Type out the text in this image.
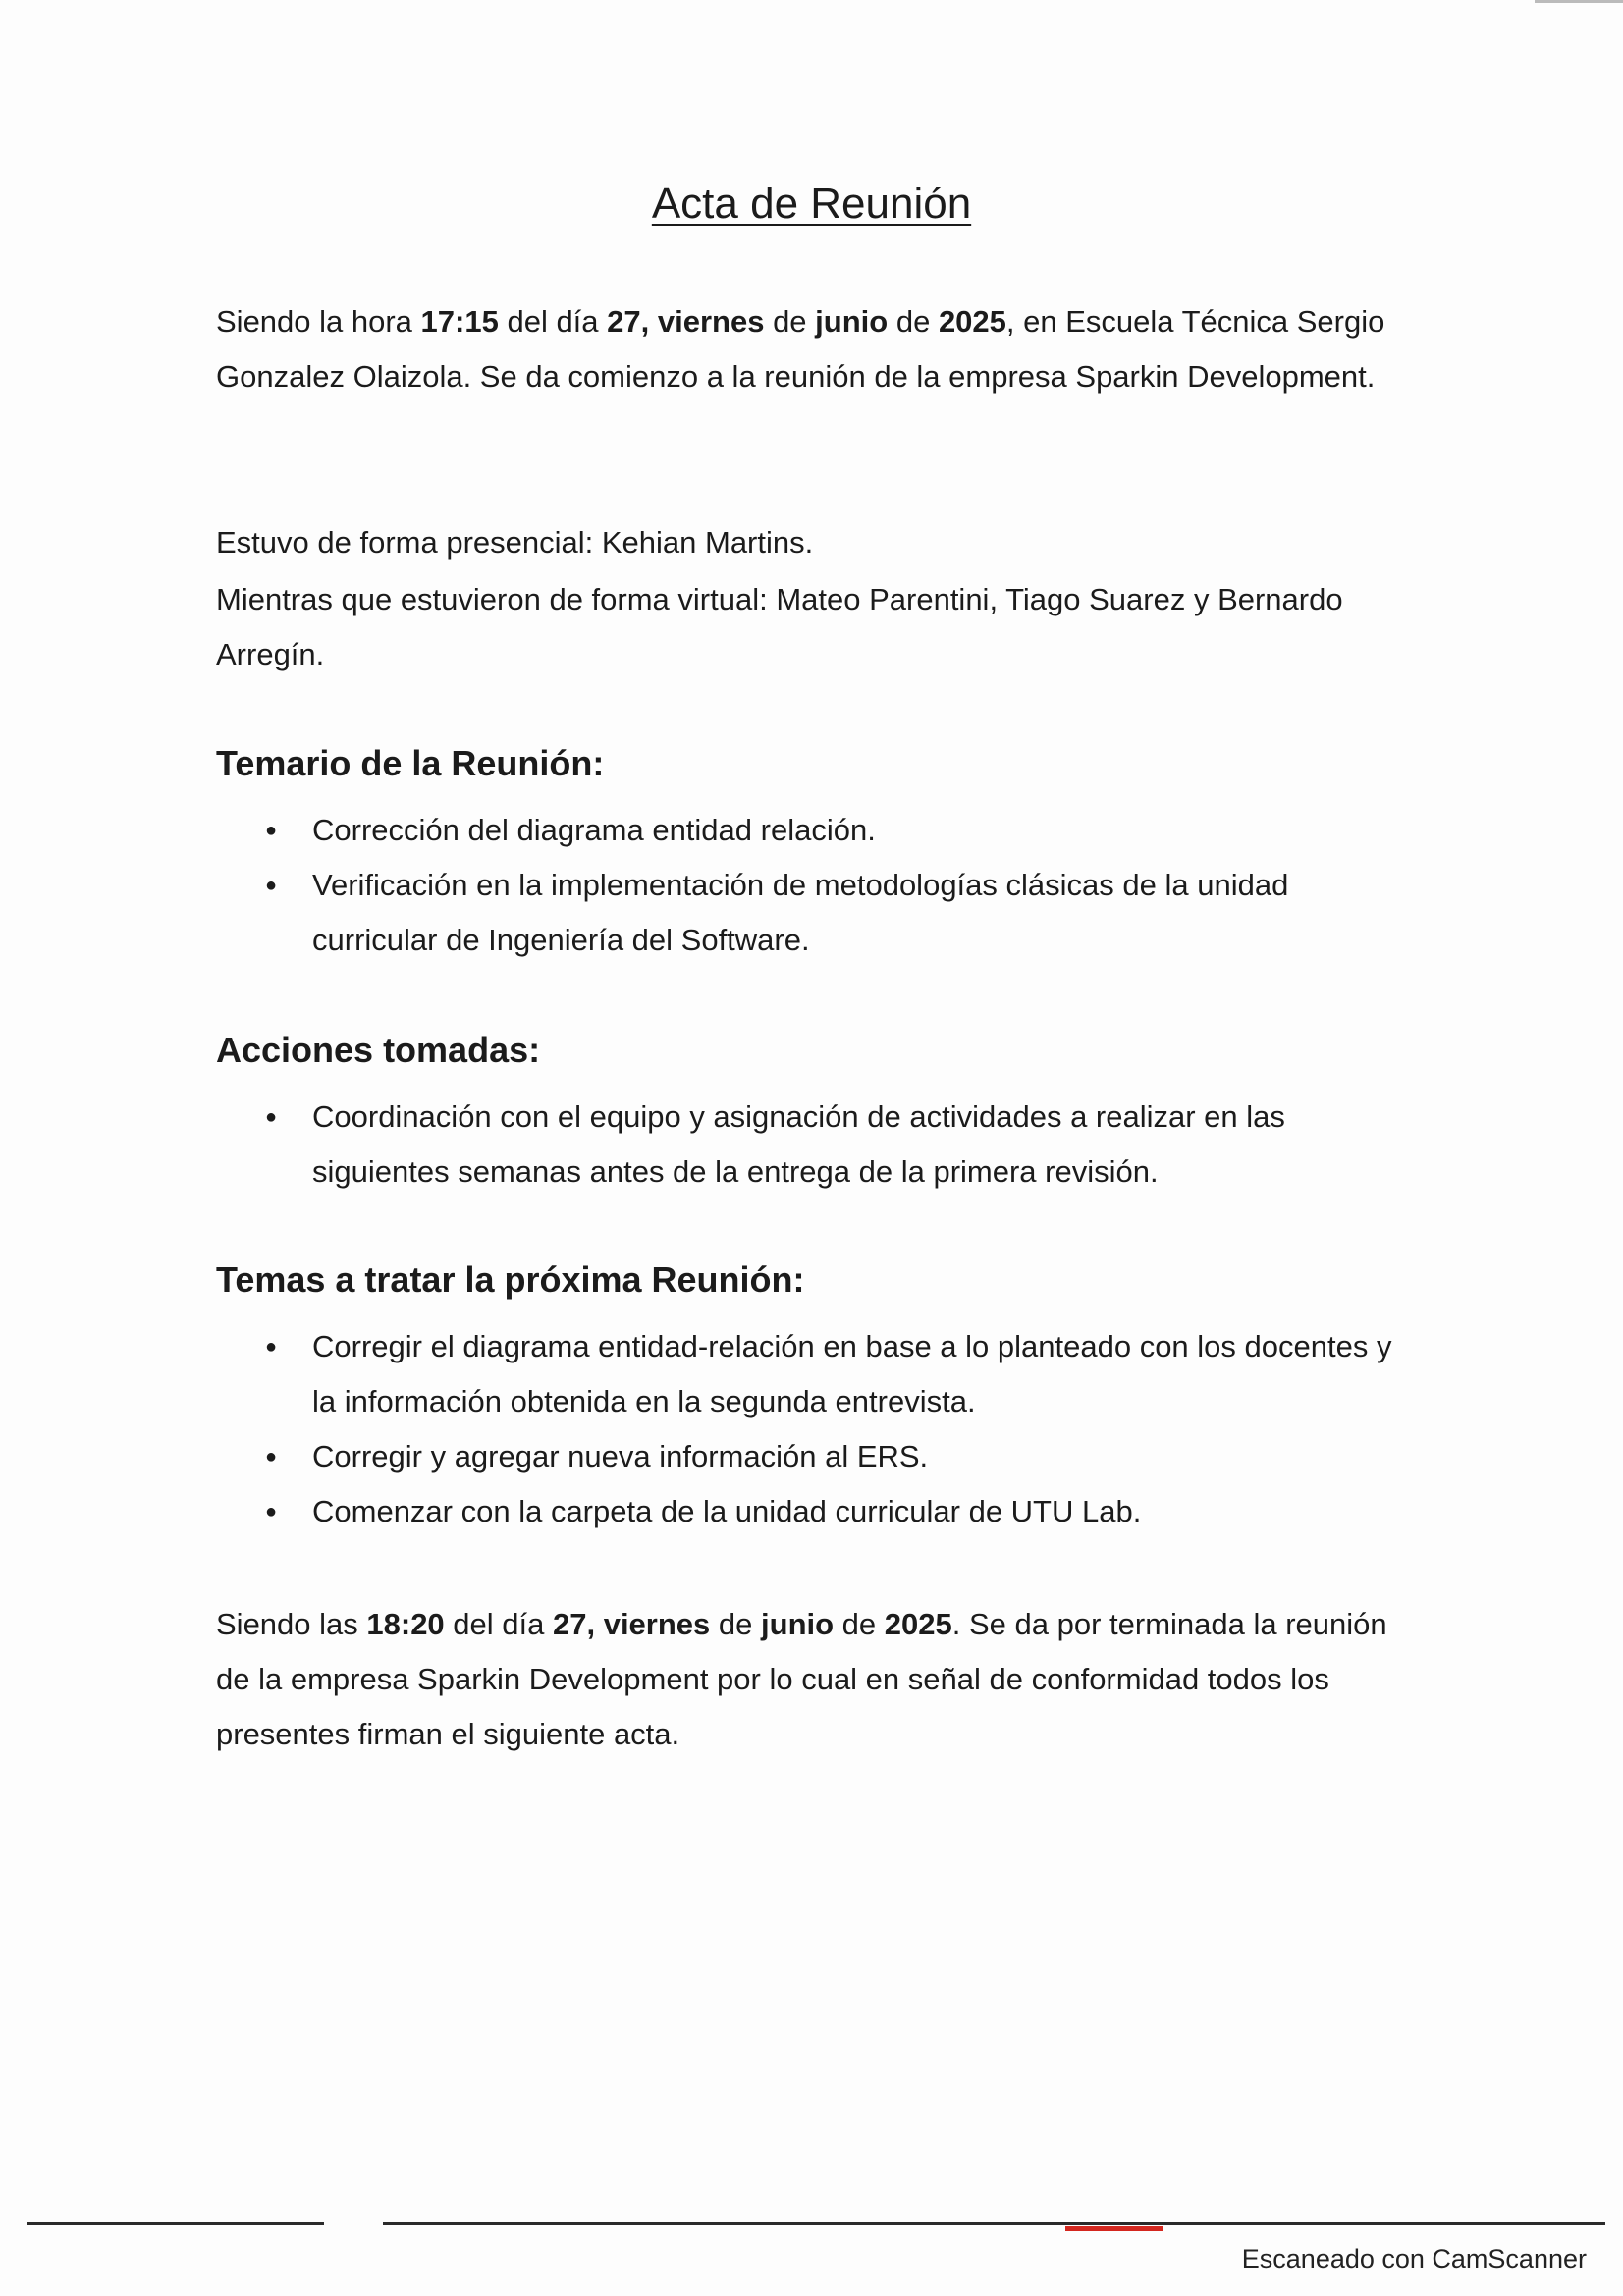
Acta de Reunión

Siendo la hora 17:15 del día 27, viernes de junio de 2025, en Escuela Técnica Sergio Gonzalez Olaizola. Se da comienzo a la reunión de la empresa Sparkin Development.

Estuvo de forma presencial: Kehian Martins.

Mientras que estuvieron de forma virtual: Mateo Parentini, Tiago Suarez y Bernardo Arregín.

Temario de la Reunión:
● Corrección del diagrama entidad relación.
● Verificación en la implementación de metodologías clásicas de la unidad curricular de Ingeniería del Software.
Acciones tomadas:
● Coordinación con el equipo y asignación de actividades a realizar en las siguientes semanas antes de la entrega de la primera revisión.
Temas a tratar la próxima Reunión:
● Corregir el diagrama entidad-relación en base a lo planteado con los docentes y la información obtenida en la segunda entrevista.
● Corregir y agregar nueva información al ERS.
● Comenzar con la carpeta de la unidad curricular de UTU Lab.

Siendo las 18:20 del día 27, viernes de junio de 2025. Se da por terminada la reunión de la empresa Sparkin Development por lo cual en señal de conformidad todos los presentes firman el siguiente acta.

Escaneado con CamScanner
